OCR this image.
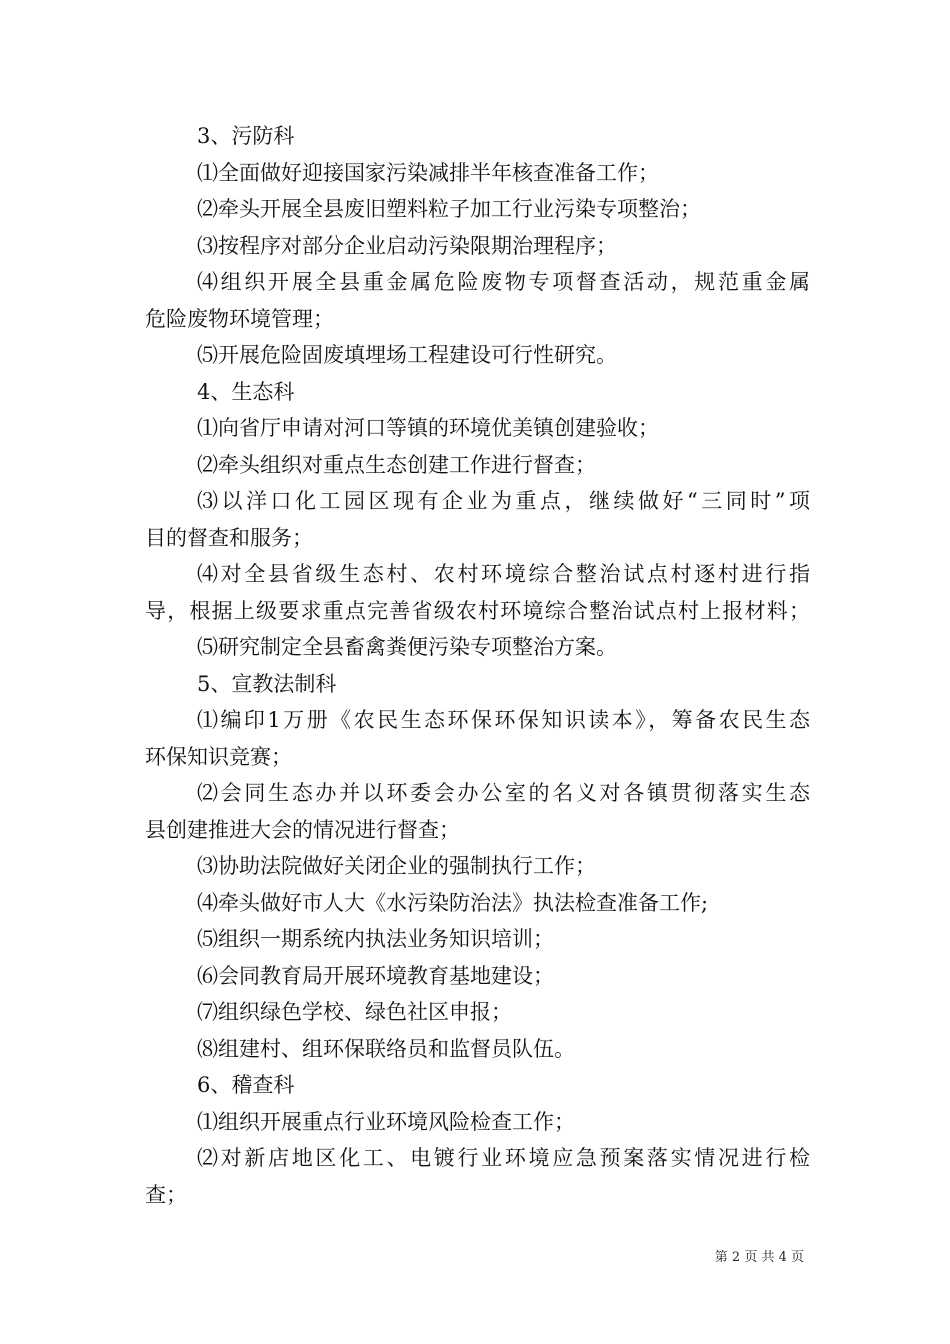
3、污防科
⑴全面做好迎接国家污染减排半年核查准备工作；
⑵牵头开展全县废旧塑料粒子加工行业污染专项整治；
⑶按程序对部分企业启动污染限期治理程序；
⑷组织开展全县重金属危险废物专项督查活动，规范重金属
危险废物环境管理；
⑸开展危险固废填埋场工程建设可行性研究。
4、生态科
⑴向省厅申请对河口等镇的环境优美镇创建验收；
⑵牵头组织对重点生态创建工作进行督查；
⑶以洋口化工园区现有企业为重点，继续做好“三同时”项
目的督查和服务；
⑷对全县省级生态村、农村环境综合整治试点村逐村进行指
导，根据上级要求重点完善省级农村环境综合整治试点村上报材料；
⑸研究制定全县畜禽粪便污染专项整治方案。
5、宣教法制科
⑴编印1万册《农民生态环保环保知识读本》，筹备农民生态
环保知识竞赛；
⑵会同生态办并以环委会办公室的名义对各镇贯彻落实生态
县创建推进大会的情况进行督查；
⑶协助法院做好关闭企业的强制执行工作；
⑷牵头做好市人大《水污染防治法》执法检查准备工作;
⑸组织一期系统内执法业务知识培训；
⑹会同教育局开展环境教育基地建设；
⑺组织绿色学校、绿色社区申报；
⑻组建村、组环保联络员和监督员队伍。
6、稽查科
⑴组织开展重点行业环境风险检查工作；
⑵对新店地区化工、电镀行业环境应急预案落实情况进行检
查；
第 2 页 共 4 页
